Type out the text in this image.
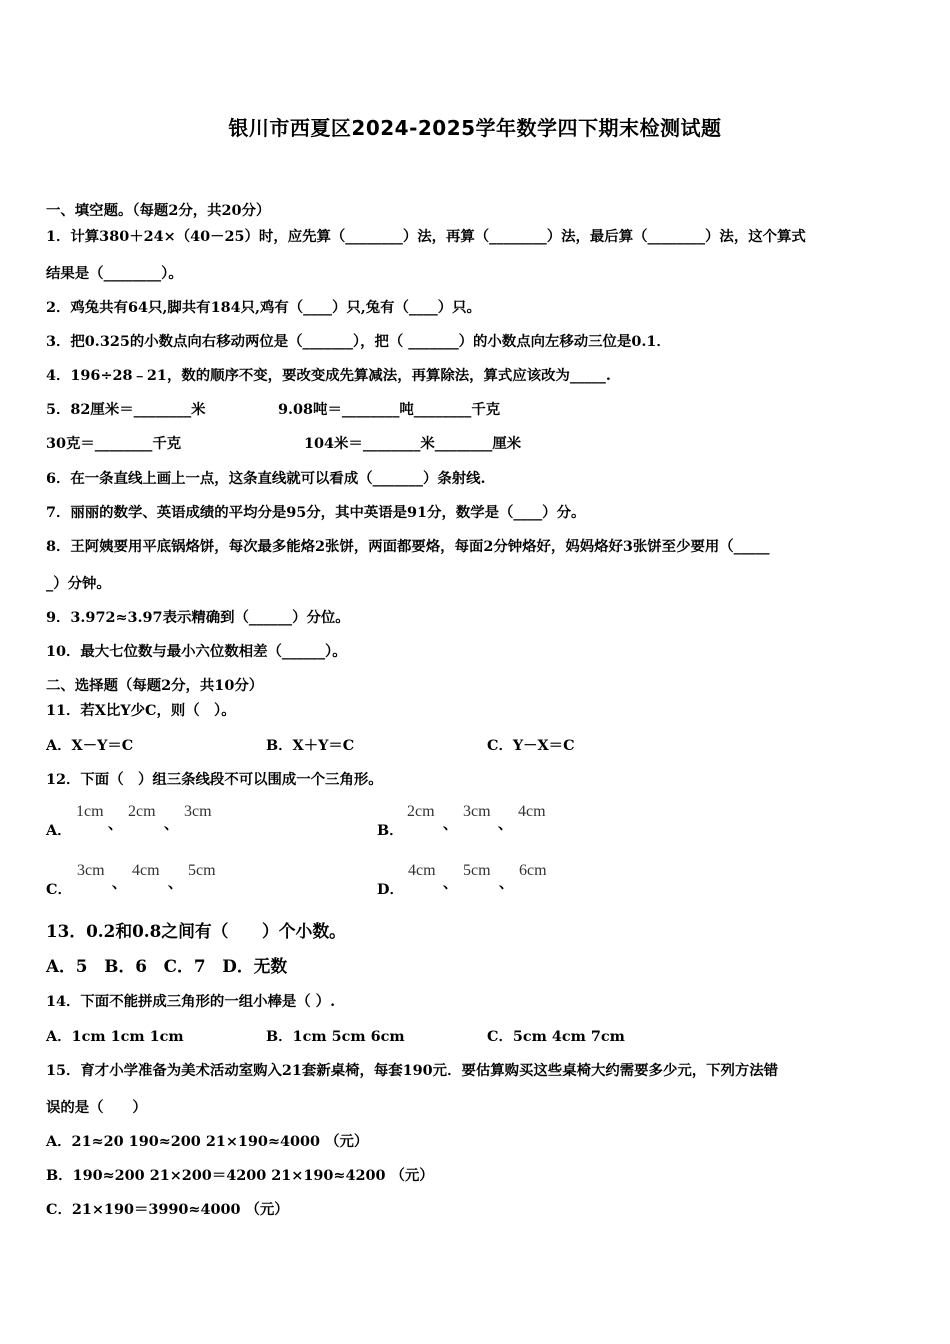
银川市西夏区2024-2025学年数学四下期末检测试题
一、填空题。（每题2分，共20分）
1．计算380＋24×（40－25）时，应先算（________）法，再算（________）法，最后算（________）法，这个算式
结果是（________）。
2．鸡兔共有64只,脚共有184只,鸡有（____）只,兔有（____）只。
3．把0.325的小数点向右移动两位是（_______），把（ _______）的小数点向左移动三位是0.1．
4．196÷28﹣21，数的顺序不变，要改变成先算减法，再算除法，算式应该改为_____.
5．82厘米＝________米	9.08吨＝________吨________千克
30克＝________千克	104米＝________米________厘米
6．在一条直线上画上一点，这条直线就可以看成（_______）条射线.
7．丽丽的数学、英语成绩的平均分是95分，其中英语是91分，数学是（____）分。
8．王阿姨要用平底锅烙饼，每次最多能烙2张饼，两面都要烙，每面2分钟烙好，妈妈烙好3张饼至少要用（_____
_）分钟。
9．3.972≈3.97表示精确到（______）分位。
10．最大七位数与最小六位数相差（______）。
二、选择题（每题2分，共10分）
11．若X比Y少C，则（　）。
A．X－Y＝C	B．X＋Y＝C	C．Y－X＝C
12．下面（　）组三条线段不可以围成一个三角形。
A．
1cm
、
2cm
、
3cm
B．
2cm
、
3cm
、
4cm
C．
3cm
、
4cm
、
5cm
D．
4cm
、
5cm
、
6cm
13．0.2和0.8之间有（　　）个小数。
A．5　B．6　C．7　D．无数
14．下面不能拼成三角形的一组小棒是（ ）.
A．1cm 1cm 1cm	B．1cm 5cm 6cm	C．5cm 4cm 7cm
15．育才小学准备为美术活动室购入21套新桌椅，每套190元．要估算购买这些桌椅大约需要多少元，下列方法错
误的是（　　）
A．21≈20 190≈200 21×190≈4000 （元）
B．190≈200 21×200＝4200 21×190≈4200 （元）
C．21×190＝3990≈4000 （元）
